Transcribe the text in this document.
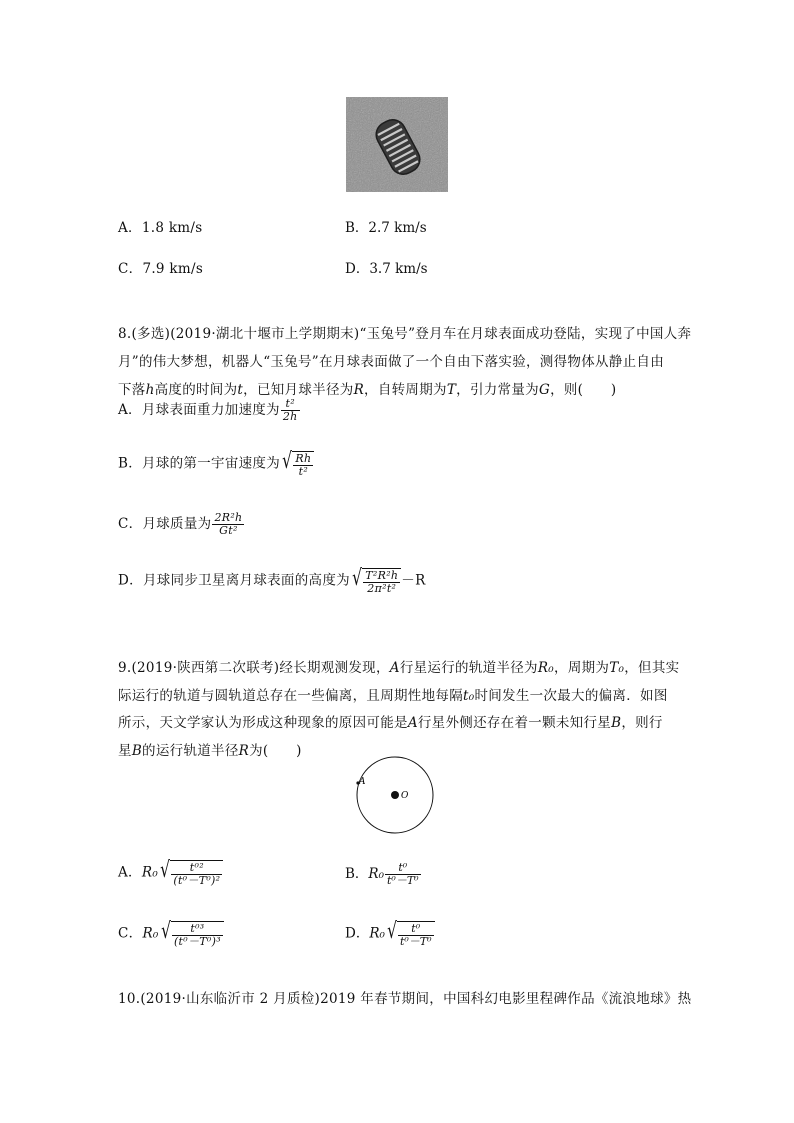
A．1.8 km/s	B．2.7 km/s
C．7.9 km/s	D．3.7 km/s
8.(多选)(2019·湖北十堰市上学期期末)“玉兔号”登月车在月球表面成功登陆，实现了中国人奔
月”的伟大梦想，机器人“玉兔号”在月球表面做了一个自由下落实验，测得物体从静止自由
下落h高度的时间为t，已知月球半径为R，自转周期为T，引力常量为G，则(　　)
A．月球表面重力加速度为 $\frac{\text{t²}}{2h}$
B．月球的第一宇宙速度为 √ $\frac{Rh}{\text{t²}}$
C．月球质量为 $\frac{\text{2R²h}}{\text{Gt²}}$
D．月球同步卫星离月球表面的高度为 √ $\frac{\text{T²R²h}}{\text{2π²t²}} -R$
9.(2019·陕西第二次联考)经长期观测发现，A行星运行的轨道半径为R₀，周期为T₀，但其实
际运行的轨道与圆轨道总存在一些偏离，且周期性地每隔t₀时间发生一次最大的偏离．如图
所示，天文学家认为形成这种现象的原因可能是A行星外侧还存在着一颗未知行星B，则行
星B的运行轨道半径R为(　　)
A
O
A．R₀ √ $\frac{\text{t⁰²}}{\text{(t⁰－T⁰)²}}$	B．$R_0 \frac{\text{t⁰}}{\text{t⁰－T⁰}}$
C．R₀ √ $\frac{\text{t⁰³}}{\text{(t⁰－T⁰)³}}$	D．R₀ √ $\frac{\text{t⁰}}{\text{t⁰－T⁰}}$
10.(2019·山东临沂市 2 月质检)2019 年春节期间，中国科幻电影里程碑作品《流浪地球》热
